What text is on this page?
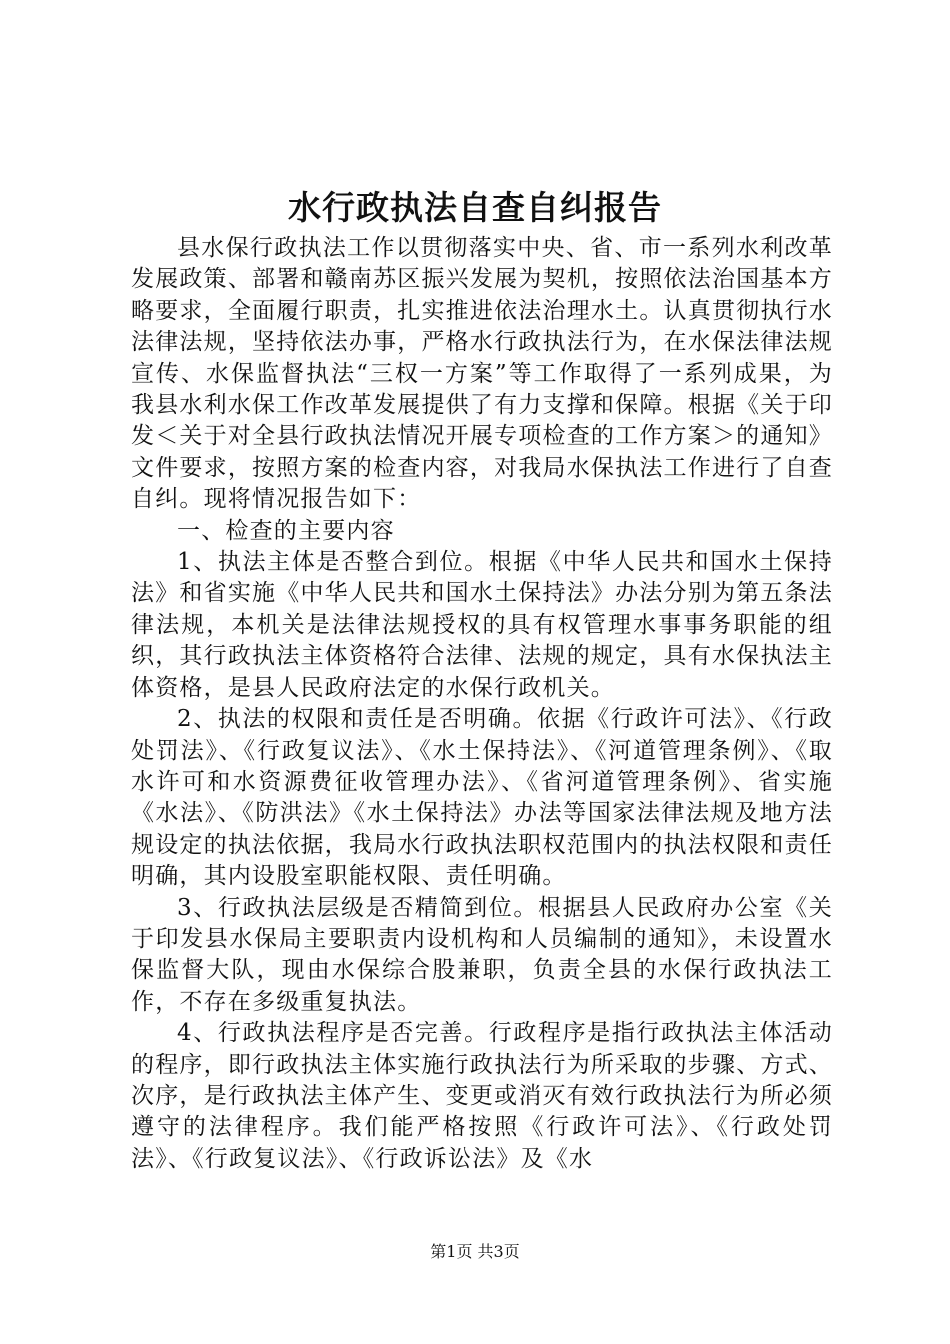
水行政执法自查自纠报告

县水保行政执法工作以贯彻落实中央、省、市一系列水利改革发展政策、部署和赣南苏区振兴发展为契机，按照依法治国基本方略要求，全面履行职责，扎实推进依法治理水土。认真贯彻执行水法律法规，坚持依法办事，严格水行政执法行为，在水保法律法规宣传、水保监督执法“三权一方案”等工作取得了一系列成果，为我县水利水保工作改革发展提供了有力支撑和保障。根据《关于印发＜关于对全县行政执法情况开展专项检查的工作方案＞的通知》文件要求，按照方案的检查内容，对我局水保执法工作进行了自查自纠。现将情况报告如下：

一、检查的主要内容

1、执法主体是否整合到位。根据《中华人民共和国水土保持法》和省实施《中华人民共和国水土保持法》办法分别为第五条法律法规，本机关是法律法规授权的具有权管理水事事务职能的组织，其行政执法主体资格符合法律、法规的规定，具有水保执法主体资格，是县人民政府法定的水保行政机关。

2、执法的权限和责任是否明确。依据《行政许可法》、《行政处罚法》、《行政复议法》、《水土保持法》、《河道管理条例》、《取水许可和水资源费征收管理办法》、《省河道管理条例》、省实施《水法》、《防洪法》《水土保持法》办法等国家法律法规及地方法规设定的执法依据，我局水行政执法职权范围内的执法权限和责任明确，其内设股室职能权限、责任明确。

3、行政执法层级是否精简到位。根据县人民政府办公室《关于印发县水保局主要职责内设机构和人员编制的通知》，未设置水保监督大队，现由水保综合股兼职，负责全县的水保行政执法工作，不存在多级重复执法。

4、行政执法程序是否完善。行政程序是指行政执法主体活动的程序，即行政执法主体实施行政执法行为所采取的步骤、方式、次序，是行政执法主体产生、变更或消灭有效行政执法行为所必须遵守的法律程序。我们能严格按照《行政许可法》、《行政处罚法》、《行政复议法》、《行政诉讼法》及《水

第1页 共3页
